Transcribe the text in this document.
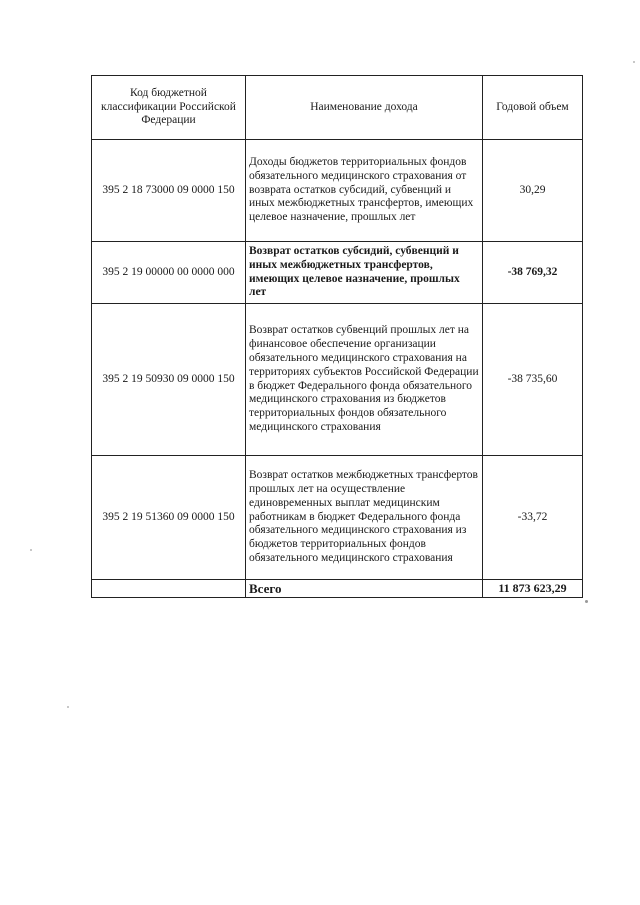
Код бюджетной классификации Российской Федерации	Наименование дохода	Годовой объем
395 2 18 73000 09 0000 150	Доходы бюджетов территориальных фондов обязательного медицинского страхования от возврата остатков субсидий, субвенций и иных межбюджетных трансфертов, имеющих целевое назначение, прошлых лет	30,29
395 2 19 00000 00 0000 000	Возврат остатков субсидий, субвенций и иных межбюджетных трансфертов, имеющих целевое назначение, прошлых лет	-38 769,32
395 2 19 50930 09 0000 150	Возврат остатков субвенций прошлых лет на финансовое обеспечение организации обязательного медицинского страхования на территориях субъектов Российской Федерации в бюджет Федерального фонда обязательного медицинского страхования из бюджетов территориальных фондов обязательного медицинского страхования	-38 735,60
395 2 19 51360 09 0000 150	Возврат остатков межбюджетных трансфертов прошлых лет на осуществление единовременных выплат медицинским работникам в бюджет Федерального фонда обязательного медицинского страхования из бюджетов территориальных фондов обязательного медицинского страхования	-33,72
	Всего	11 873 623,29
